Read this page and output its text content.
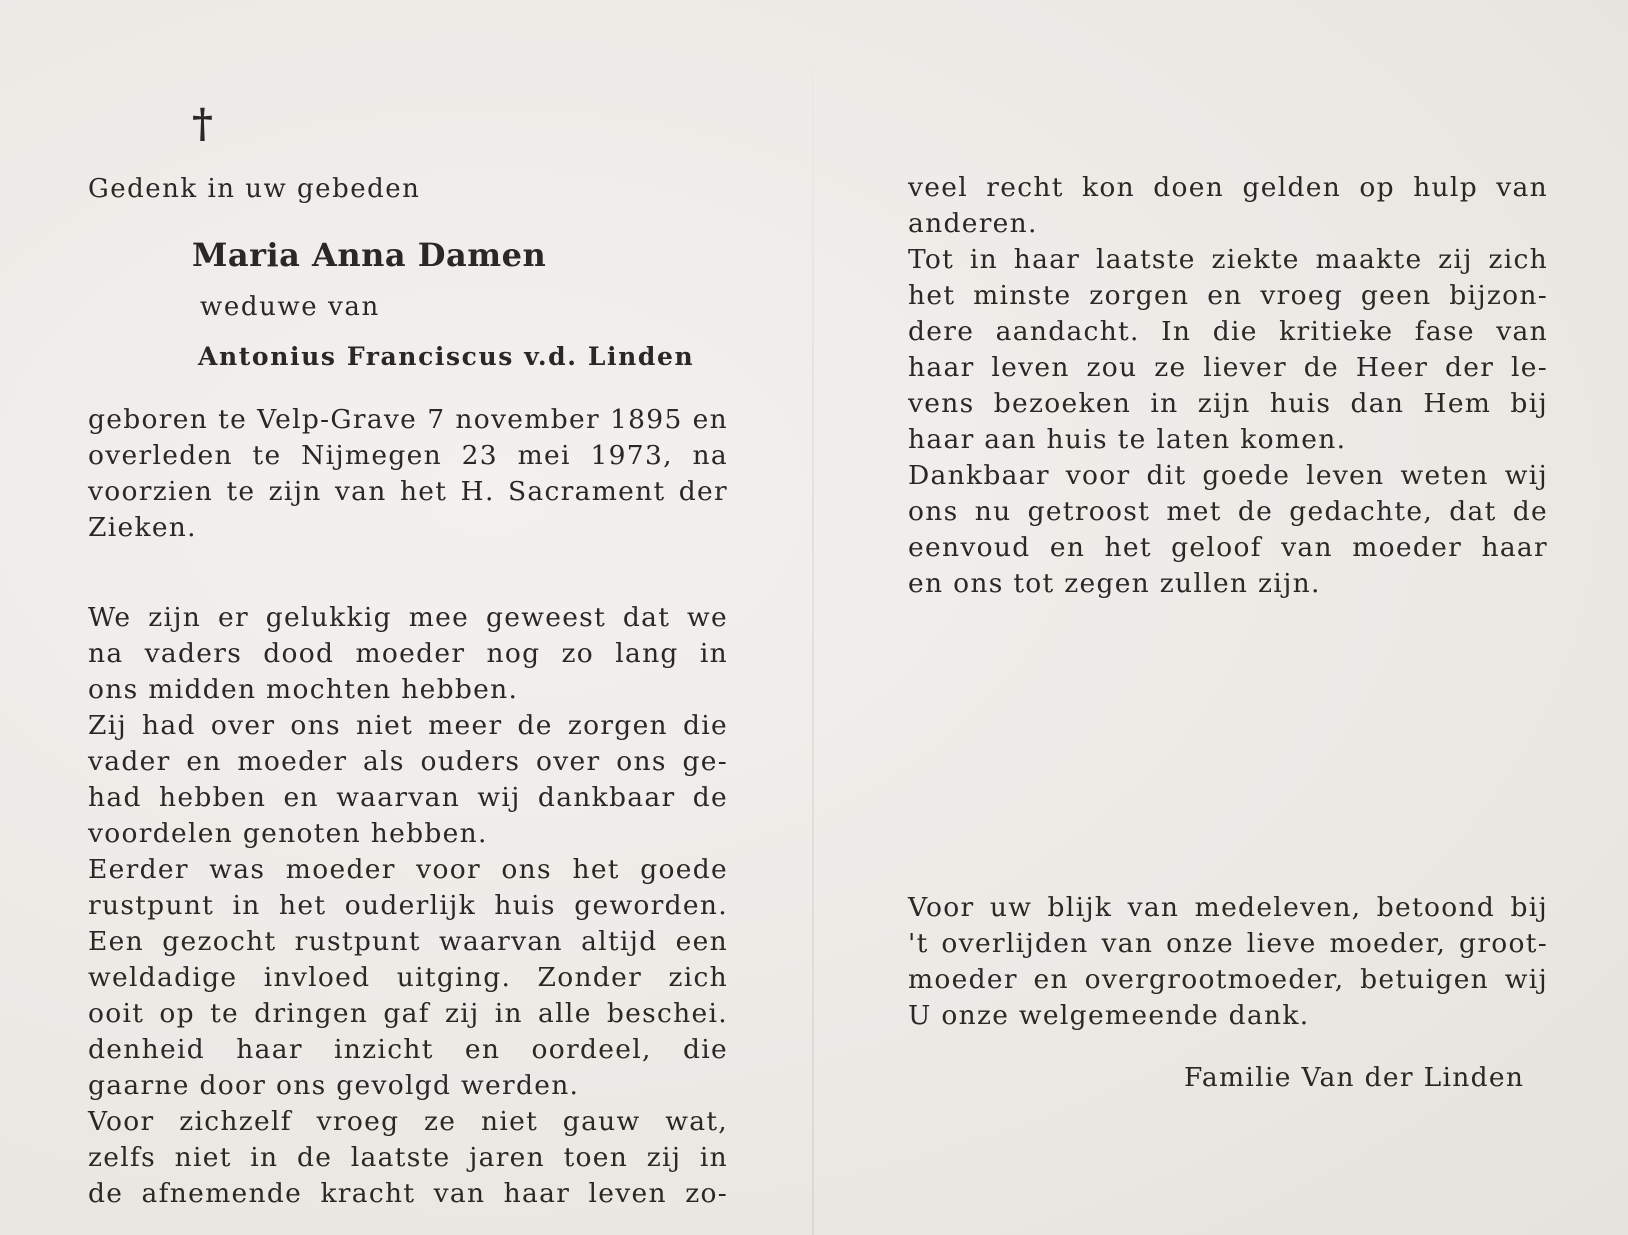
†
Gedenk in uw gebeden
Maria Anna Damen
weduwe van
Antonius Franciscus v.d. Linden
geboren te Velp-Grave 7 november 1895 en
overleden te Nijmegen 23 mei 1973, na
voorzien te zijn van het H. Sacrament der
Zieken.
We zijn er gelukkig mee geweest dat we
na vaders dood moeder nog zo lang in
ons midden mochten hebben.
Zij had over ons niet meer de zorgen die
vader en moeder als ouders over ons ge-
had hebben en waarvan wij dankbaar de
voordelen genoten hebben.
Eerder was moeder voor ons het goede
rustpunt in het ouderlijk huis geworden.
Een gezocht rustpunt waarvan altijd een
weldadige invloed uitging. Zonder zich
ooit op te dringen gaf zij in alle beschei.
denheid haar inzicht en oordeel, die
gaarne door ons gevolgd werden.
Voor zichzelf vroeg ze niet gauw wat,
zelfs niet in de laatste jaren toen zij in
de afnemende kracht van haar leven zo-
veel recht kon doen gelden op hulp van
anderen.
Tot in haar laatste ziekte maakte zij zich
het minste zorgen en vroeg geen bijzon-
dere aandacht. In die kritieke fase van
haar leven zou ze liever de Heer der le-
vens bezoeken in zijn huis dan Hem bij
haar aan huis te laten komen.
Dankbaar voor dit goede leven weten wij
ons nu getroost met de gedachte, dat de
eenvoud en het geloof van moeder haar
en ons tot zegen zullen zijn.
Voor uw blijk van medeleven, betoond bij
't overlijden van onze lieve moeder, groot-
moeder en overgrootmoeder, betuigen wij
U onze welgemeende dank.
Familie Van der Linden
